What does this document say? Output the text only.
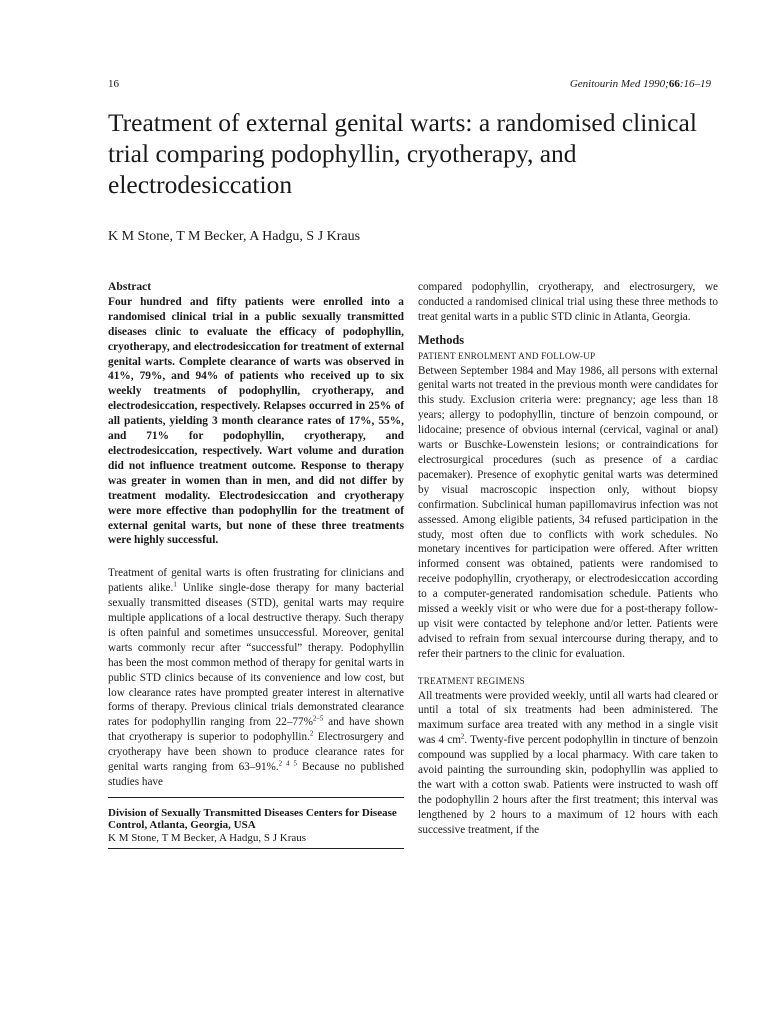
16	Genitourin Med 1990;66:16–19
Treatment of external genital warts: a randomised clinical trial comparing podophyllin, cryotherapy, and electrodesiccation
K M Stone, T M Becker, A Hadgu, S J Kraus
Abstract

Four hundred and fifty patients were enrolled into a randomised clinical trial in a public sexually transmitted diseases clinic to evaluate the efficacy of podophyllin, cryotherapy, and electrodesiccation for treatment of external genital warts. Complete clearance of warts was observed in 41%, 79%, and 94% of patients who received up to six weekly treatments of podophyllin, cryotherapy, and electrodesiccation, respectively. Relapses occurred in 25% of all patients, yielding 3 month clearance rates of 17%, 55%, and 71% for podophyllin, cryotherapy, and electrodesiccation, respectively. Wart volume and duration did not influence treatment outcome. Response to therapy was greater in women than in men, and did not differ by treatment modality. Electrodesiccation and cryotherapy were more effective than podophyllin for the treatment of external genital warts, but none of these three treatments were highly successful.

Treatment of genital warts is often frustrating for clinicians and patients alike.$^1$ Unlike single-dose therapy for many bacterial sexually transmitted diseases (STD), genital warts may require multiple applications of a local destructive therapy. Such therapy is often painful and sometimes unsuccessful. Moreover, genital warts commonly recur after “successful” therapy. Podophyllin has been the most common method of therapy for genital warts in public STD clinics because of its convenience and low cost, but low clearance rates have prompted greater interest in alternative forms of therapy. Previous clinical trials demonstrated clearance rates for podophyllin ranging from 22–77%$^{2-5}$ and have shown that cryotherapy is superior to podophyllin.$^2$ Electrosurgery and cryotherapy have been shown to produce clearance rates for genital warts ranging from 63–91%.$^{2 4 5}$ Because no published studies have

Division of Sexually Transmitted Diseases Centers for Disease Control, Atlanta, Georgia, USA
K M Stone, T M Becker, A Hadgu, S J Kraus

compared podophyllin, cryotherapy, and electrosurgery, we conducted a randomised clinical trial using these three methods to treat genital warts in a public STD clinic in Atlanta, Georgia.

Methods
PATIENT ENROLMENT AND FOLLOW-UP

Between September 1984 and May 1986, all persons with external genital warts not treated in the previous month were candidates for this study. Exclusion criteria were: pregnancy; age less than 18 years; allergy to podophyllin, tincture of benzoin compound, or lidocaine; presence of obvious internal (cervical, vaginal or anal) warts or Buschke-Lowenstein lesions; or contraindications for electrosurgical procedures (such as presence of a cardiac pacemaker). Presence of exophytic genital warts was determined by visual macroscopic inspection only, without biopsy confirmation. Subclinical human papillomavirus infection was not assessed. Among eligible patients, 34 refused participation in the study, most often due to conflicts with work schedules. No monetary incentives for participation were offered. After written informed consent was obtained, patients were randomised to receive podophyllin, cryotherapy, or electrodesiccation according to a computer-generated randomisation schedule. Patients who missed a weekly visit or who were due for a post-therapy follow-up visit were contacted by telephone and/or letter. Patients were advised to refrain from sexual intercourse during therapy, and to refer their partners to the clinic for evaluation.

TREATMENT REGIMENS

All treatments were provided weekly, until all warts had cleared or until a total of six treatments had been administered. The maximum surface area treated with any method in a single visit was 4 $cm^2$. Twenty-five percent podophyllin in tincture of benzoin compound was supplied by a local pharmacy. With care taken to avoid painting the surrounding skin, podophyllin was applied to the wart with a cotton swab. Patients were instructed to wash off the podophyllin 2 hours after the first treatment; this interval was lengthened by 2 hours to a maximum of 12 hours with each successive treatment, if the
